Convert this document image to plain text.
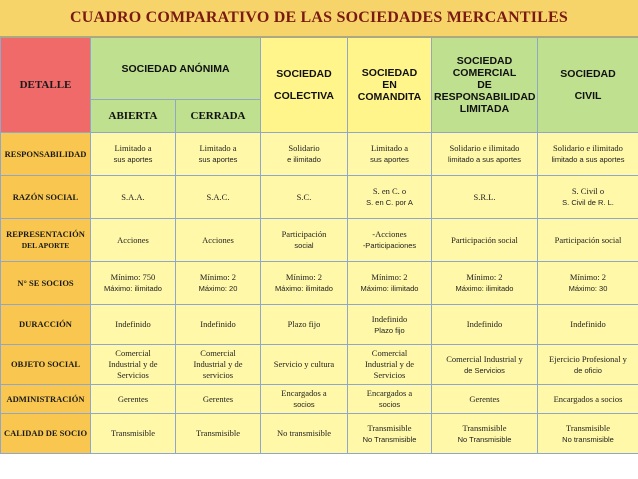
CUADRO COMPARATIVO DE LAS SOCIEDADES MERCANTILES
DETALLE	SOCIEDAD ANÓNIMA		SOCIEDAD
COLECTIVA	SOCIEDAD
EN
COMANDITA	SOCIEDAD
COMERCIAL
DE
RESPONSABILIDAD
LIMITADA	SOCIEDAD
CIVIL

	ABIERTA	CERRADA				

RESPONSABILIDAD	Limitado a
sus aportes	Limitado a
sus aportes	Solidario
e ilimitado	Limitado a
sus aportes	Solidario e ilimitado
limitado a sus aportes	Solidario e ilimitado
limitado a sus aportes

RAZÓN SOCIAL	S.A.A.	S.A.C.	S.C.	S. en C. o
S. en C. por A	S.R.L.	S. Civil o
S. Civil de R. L.

REPRESENTACIÓN
DEL APORTE	Acciones	Acciones	Participación
social	-Acciones
-Participaciones	Participación social	Participación social

N° SE SOCIOS	Mínimo: 750
Máximo: ilimitado	Mínimo: 2
Máximo: 20	Mínimo: 2
Máximo: ilimitado	Mínimo: 2
Máximo: ilimitado	Mínimo: 2
Máximo: ilimitado	Mínimo: 2
Máximo: 30

DURACCIÓN	Indefinido	Indefinido	Plazo fijo	Indefinido
Plazo fijo	Indefinido	Indefinido

OBJETO SOCIAL	Comercial
Industrial y de
Servicios	Comercial
Industrial y de
servicios	Servicio y cultura	Comercial
Industrial y de
Servicios	Comercial Industrial y
de Servicios	Ejercicio Profesional y
de oficio

ADMINISTRACIÓN	Gerentes	Gerentes	Encargados a
socios	Encargados a
socios	Gerentes	Encargados a socios

CALIDAD DE SOCIO	Transmisible	Transmisible	No transmisible	Transmisible
No Transmisible	Transmisible
No Transmisible	Transmisible
No transmisible
